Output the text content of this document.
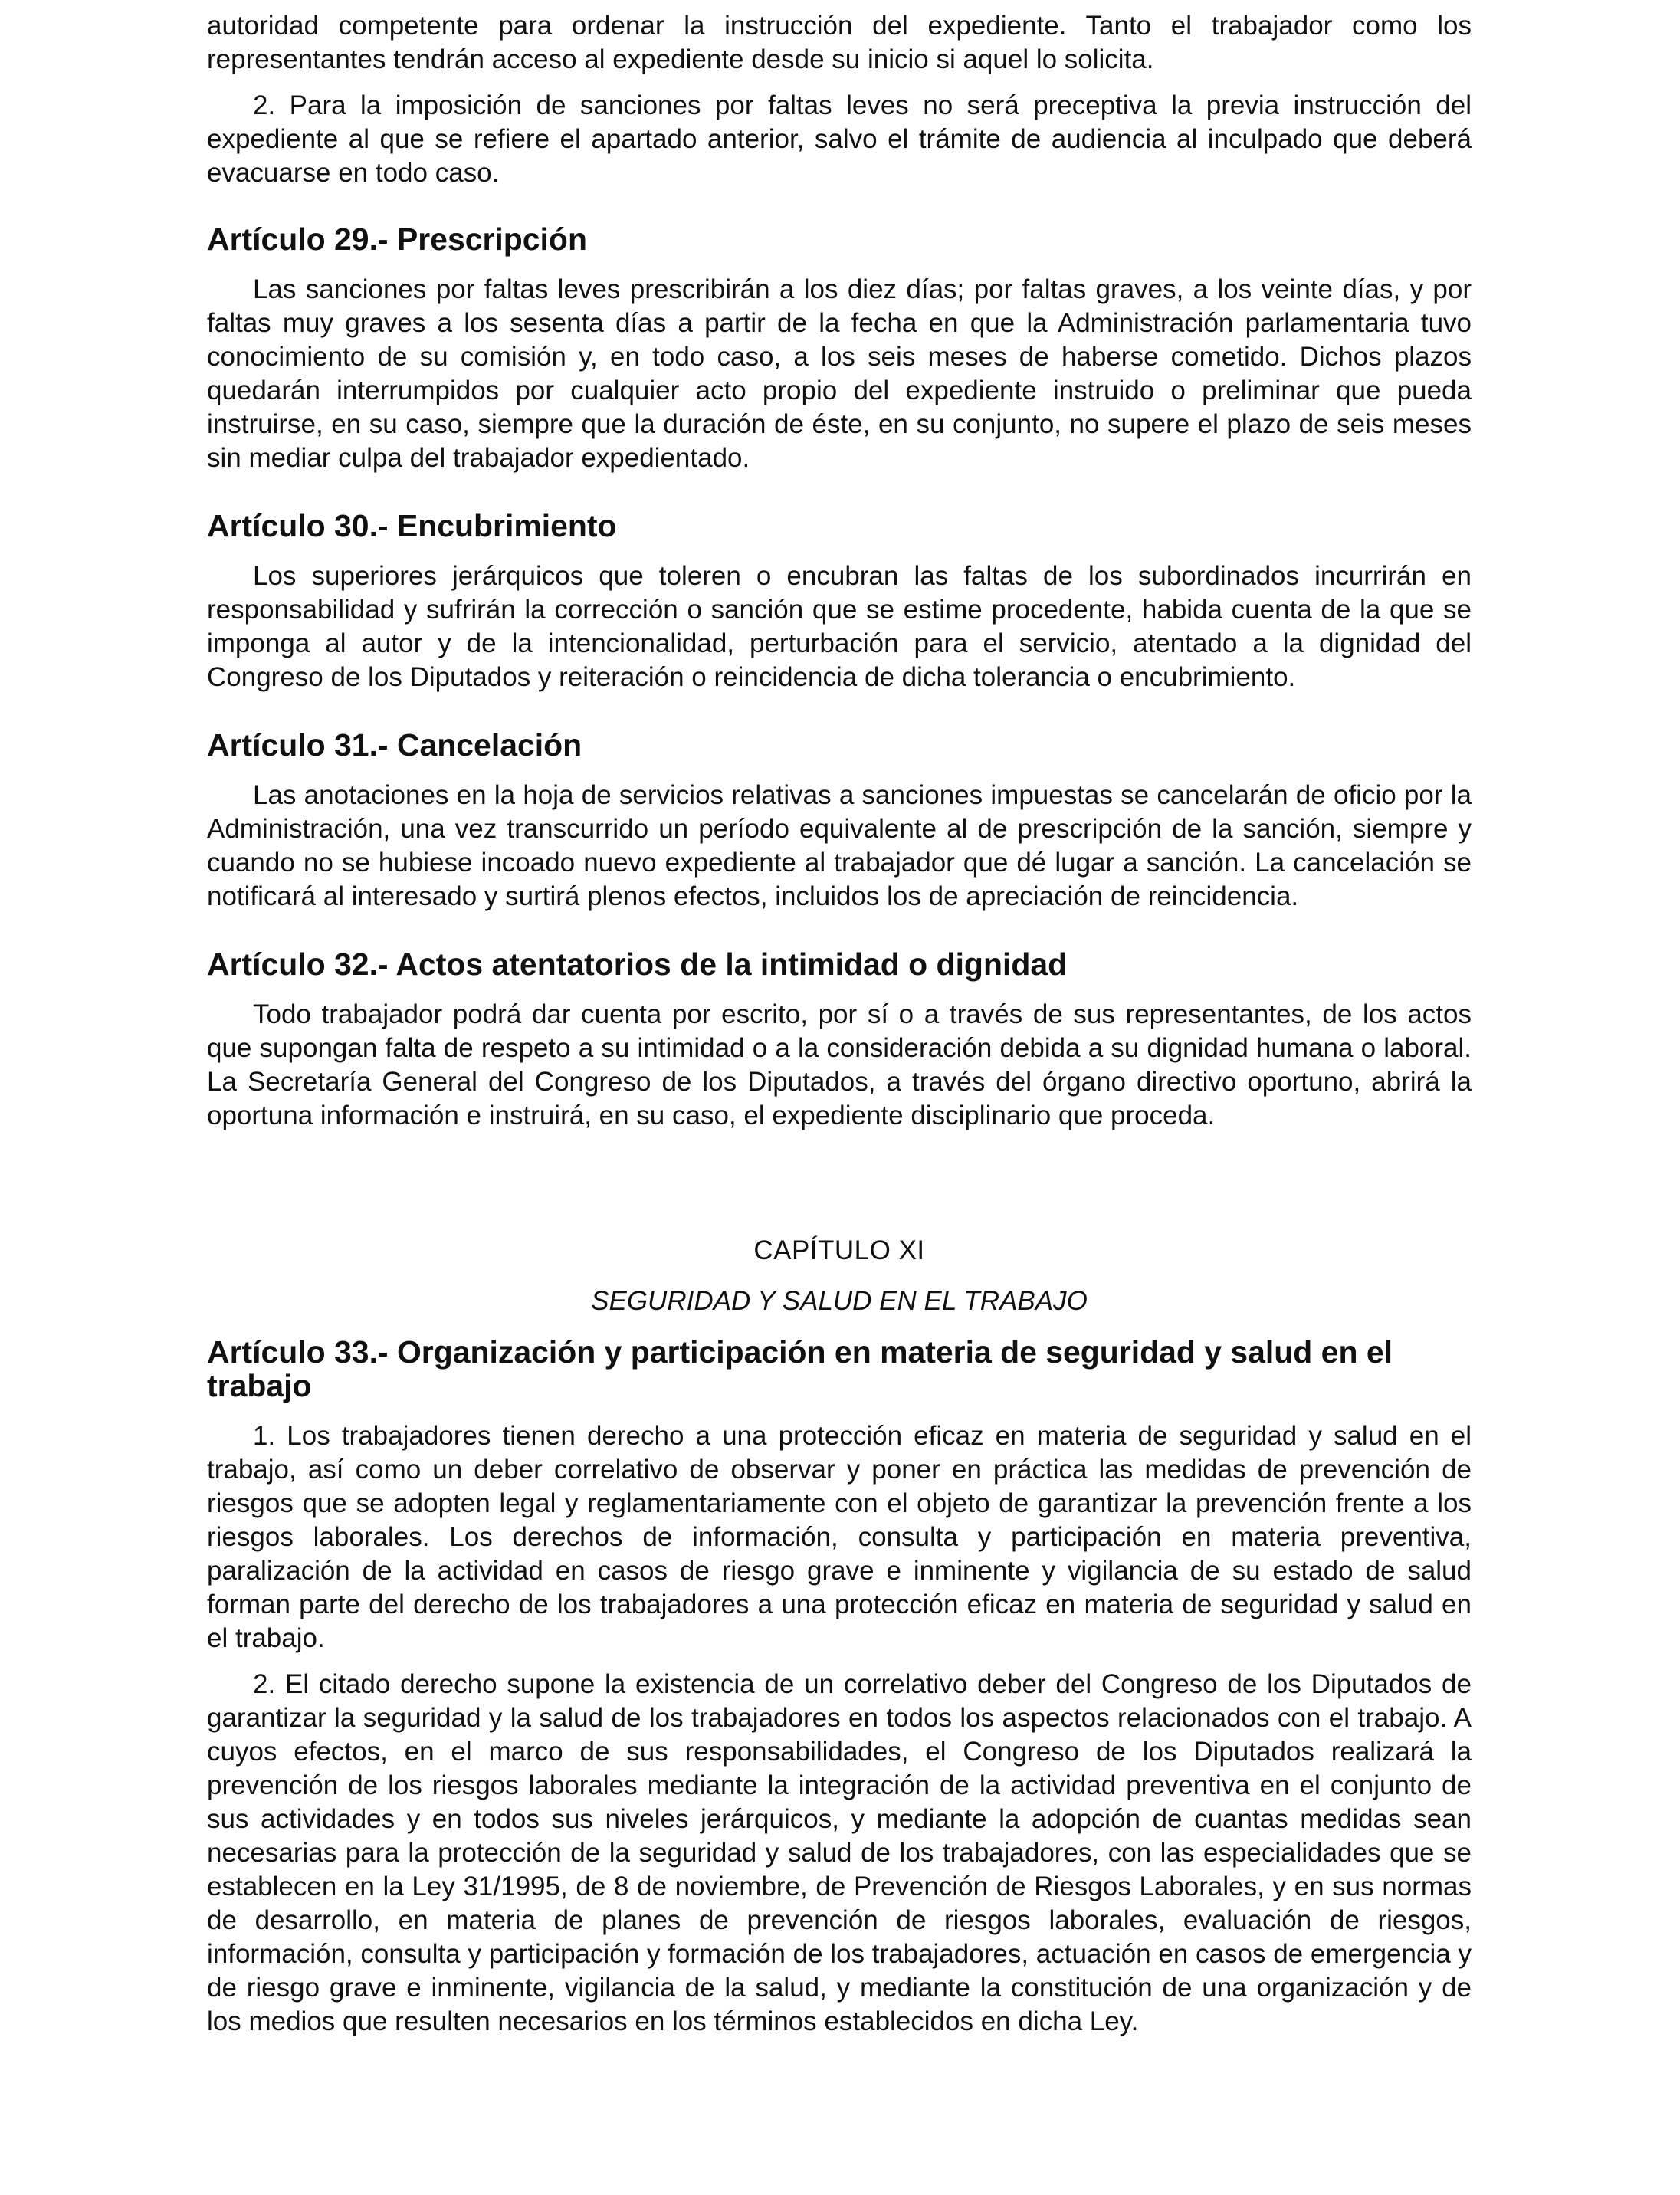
autoridad competente para ordenar la instrucción del expediente. Tanto el trabajador como los representantes tendrán acceso al expediente desde su inicio si aquel lo solicita.

2. Para la imposición de sanciones por faltas leves no será preceptiva la previa instrucción del expediente al que se refiere el apartado anterior, salvo el trámite de audiencia al inculpado que deberá evacuarse en todo caso.

Artículo 29.- Prescripción

Las sanciones por faltas leves prescribirán a los diez días; por faltas graves, a los veinte días, y por faltas muy graves a los sesenta días a partir de la fecha en que la Administración parlamentaria tuvo conocimiento de su comisión y, en todo caso, a los seis meses de haberse cometido. Dichos plazos quedarán interrumpidos por cualquier acto propio del expediente instruido o preliminar que pueda instruirse, en su caso, siempre que la duración de éste, en su conjunto, no supere el plazo de seis meses sin mediar culpa del trabajador expedientado.

Artículo 30.- Encubrimiento

Los superiores jerárquicos que toleren o encubran las faltas de los subordinados incurrirán en responsabilidad y sufrirán la corrección o sanción que se estime procedente, habida cuenta de la que se imponga al autor y de la intencionalidad, perturbación para el servicio, atentado a la dignidad del Congreso de los Diputados y reiteración o reincidencia de dicha tolerancia o encubrimiento.

Artículo 31.- Cancelación

Las anotaciones en la hoja de servicios relativas a sanciones impuestas se cancelarán de oficio por la Administración, una vez transcurrido un período equivalente al de prescripción de la sanción, siempre y cuando no se hubiese incoado nuevo expediente al trabajador que dé lugar a sanción. La cancelación se notificará al interesado y surtirá plenos efectos, incluidos los de apreciación de reincidencia.

Artículo 32.- Actos atentatorios de la intimidad o dignidad

Todo trabajador podrá dar cuenta por escrito, por sí o a través de sus representantes, de los actos que supongan falta de respeto a su intimidad o a la consideración debida a su dignidad humana o laboral. La Secretaría General del Congreso de los Diputados, a través del órgano directivo oportuno, abrirá la oportuna información e instruirá, en su caso, el expediente disciplinario que proceda.

CAPÍTULO XI
SEGURIDAD Y SALUD EN EL TRABAJO
Artículo 33.- Organización y participación en materia de seguridad y salud en el trabajo

1. Los trabajadores tienen derecho a una protección eficaz en materia de seguridad y salud en el trabajo, así como un deber correlativo de observar y poner en práctica las medidas de prevención de riesgos que se adopten legal y reglamentariamente con el objeto de garantizar la prevención frente a los riesgos laborales. Los derechos de información, consulta y participación en materia preventiva, paralización de la actividad en casos de riesgo grave e inminente y vigilancia de su estado de salud forman parte del derecho de los trabajadores a una protección eficaz en materia de seguridad y salud en el trabajo.

2. El citado derecho supone la existencia de un correlativo deber del Congreso de los Diputados de garantizar la seguridad y la salud de los trabajadores en todos los aspectos relacionados con el trabajo. A cuyos efectos, en el marco de sus responsabilidades, el Congreso de los Diputados realizará la prevención de los riesgos laborales mediante la integración de la actividad preventiva en el conjunto de sus actividades y en todos sus niveles jerárquicos, y mediante la adopción de cuantas medidas sean necesarias para la protección de la seguridad y salud de los trabajadores, con las especialidades que se establecen en la Ley 31/1995, de 8 de noviembre, de Prevención de Riesgos Laborales, y en sus normas de desarrollo, en materia de planes de prevención de riesgos laborales, evaluación de riesgos, información, consulta y participación y formación de los trabajadores, actuación en casos de emergencia y de riesgo grave e inminente, vigilancia de la salud, y mediante la constitución de una organización y de los medios que resulten necesarios en los términos establecidos en dicha Ley.
